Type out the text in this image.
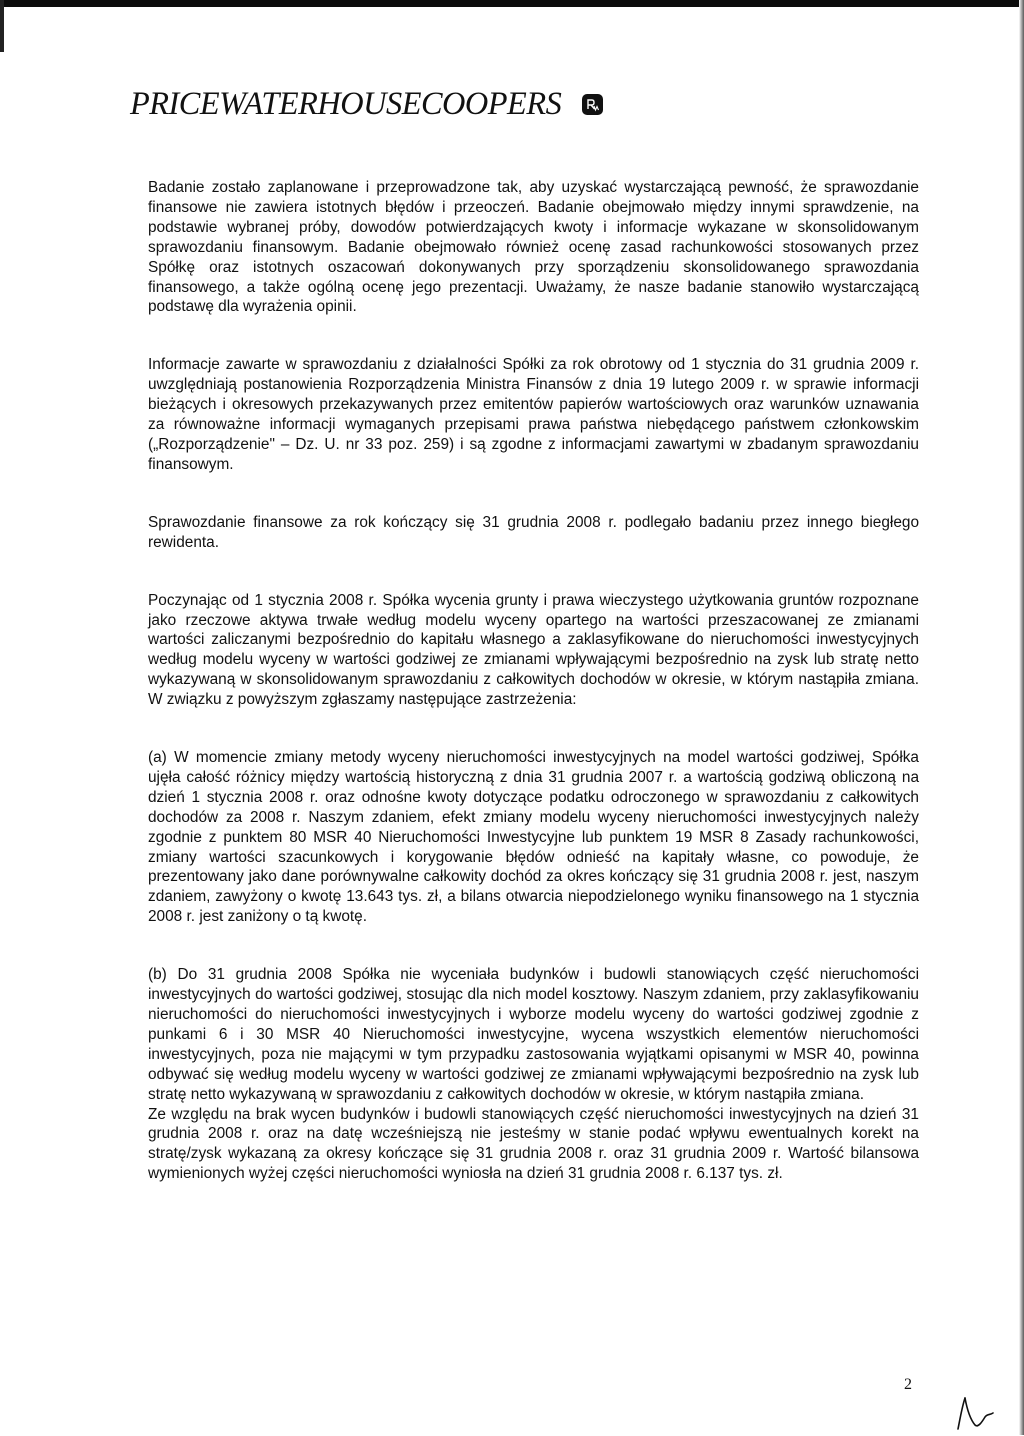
PRICEWATERHOUSECOOPERS

Badanie zostało zaplanowane i przeprowadzone tak, aby uzyskać wystarczającą pewność, że sprawozdanie finansowe nie zawiera istotnych błędów i przeoczeń. Badanie obejmowało między innymi sprawdzenie, na podstawie wybranej próby, dowodów potwierdzających kwoty i informacje wykazane w skonsolidowanym sprawozdaniu finansowym. Badanie obejmowało również ocenę zasad rachunkowości stosowanych przez Spółkę oraz istotnych oszacowań dokonywanych przy sporządzeniu skonsolidowanego sprawozdania finansowego, a także ogólną ocenę jego prezentacji. Uważamy, że nasze badanie stanowiło wystarczającą podstawę dla wyrażenia opinii.

Informacje zawarte w sprawozdaniu z działalności Spółki za rok obrotowy od 1 stycznia do 31 grudnia 2009 r. uwzględniają postanowienia Rozporządzenia Ministra Finansów z dnia 19 lutego 2009 r. w sprawie informacji bieżących i okresowych przekazywanych przez emitentów papierów wartościowych oraz warunków uznawania za równoważne informacji wymaganych przepisami prawa państwa niebędącego państwem członkowskim („Rozporządzenie" – Dz. U. nr 33 poz. 259) i są zgodne z informacjami zawartymi w zbadanym sprawozdaniu finansowym.

Sprawozdanie finansowe za rok kończący się 31 grudnia 2008 r. podlegało badaniu przez innego biegłego rewidenta.

Poczynając od 1 stycznia 2008 r. Spółka wycenia grunty i prawa wieczystego użytkowania gruntów rozpoznane jako rzeczowe aktywa trwałe według modelu wyceny opartego na wartości przeszacowanej ze zmianami wartości zaliczanymi bezpośrednio do kapitału własnego a zaklasyfikowane do nieruchomości inwestycyjnych według modelu wyceny w wartości godziwej ze zmianami wpływającymi bezpośrednio na zysk lub stratę netto wykazywaną w skonsolidowanym sprawozdaniu z całkowitych dochodów w okresie, w którym nastąpiła zmiana. W związku z powyższym zgłaszamy następujące zastrzeżenia:

(a) W momencie zmiany metody wyceny nieruchomości inwestycyjnych na model wartości godziwej, Spółka ujęła całość różnicy między wartością historyczną z dnia 31 grudnia 2007 r. a wartością godziwą obliczoną na dzień 1 stycznia 2008 r. oraz odnośne kwoty dotyczące podatku odroczonego w sprawozdaniu z całkowitych dochodów za 2008 r. Naszym zdaniem, efekt zmiany modelu wyceny nieruchomości inwestycyjnych należy zgodnie z punktem 80 MSR 40 Nieruchomości Inwestycyjne lub punktem 19 MSR 8 Zasady rachunkowości, zmiany wartości szacunkowych i korygowanie błędów odnieść na kapitały własne, co powoduje, że prezentowany jako dane porównywalne całkowity dochód za okres kończący się 31 grudnia 2008 r. jest, naszym zdaniem, zawyżony o kwotę 13.643 tys. zł, a bilans otwarcia niepodzielonego wyniku finansowego na 1 stycznia 2008 r. jest zaniżony o tą kwotę.

(b) Do 31 grudnia 2008 Spółka nie wyceniała budynków i budowli stanowiących część nieruchomości inwestycyjnych do wartości godziwej, stosując dla nich model kosztowy. Naszym zdaniem, przy zaklasyfikowaniu nieruchomości do nieruchomości inwestycyjnych i wyborze modelu wyceny do wartości godziwej zgodnie z punkami 6 i 30 MSR 40 Nieruchomości inwestycyjne, wycena wszystkich elementów nieruchomości inwestycyjnych, poza nie mającymi w tym przypadku zastosowania wyjątkami opisanymi w MSR 40, powinna odbywać się według modelu wyceny w wartości godziwej ze zmianami wpływającymi bezpośrednio na zysk lub stratę netto wykazywaną w sprawozdaniu z całkowitych dochodów w okresie, w którym nastąpiła zmiana.

Ze względu na brak wycen budynków i budowli stanowiących część nieruchomości inwestycyjnych na dzień 31 grudnia 2008 r. oraz na datę wcześniejszą nie jesteśmy w stanie podać wpływu ewentualnych korekt na stratę/zysk wykazaną za okresy kończące się 31 grudnia 2008 r. oraz 31 grudnia 2009 r. Wartość bilansowa wymienionych wyżej części nieruchomości wyniosła na dzień 31 grudnia 2008 r. 6.137 tys. zł.

2
